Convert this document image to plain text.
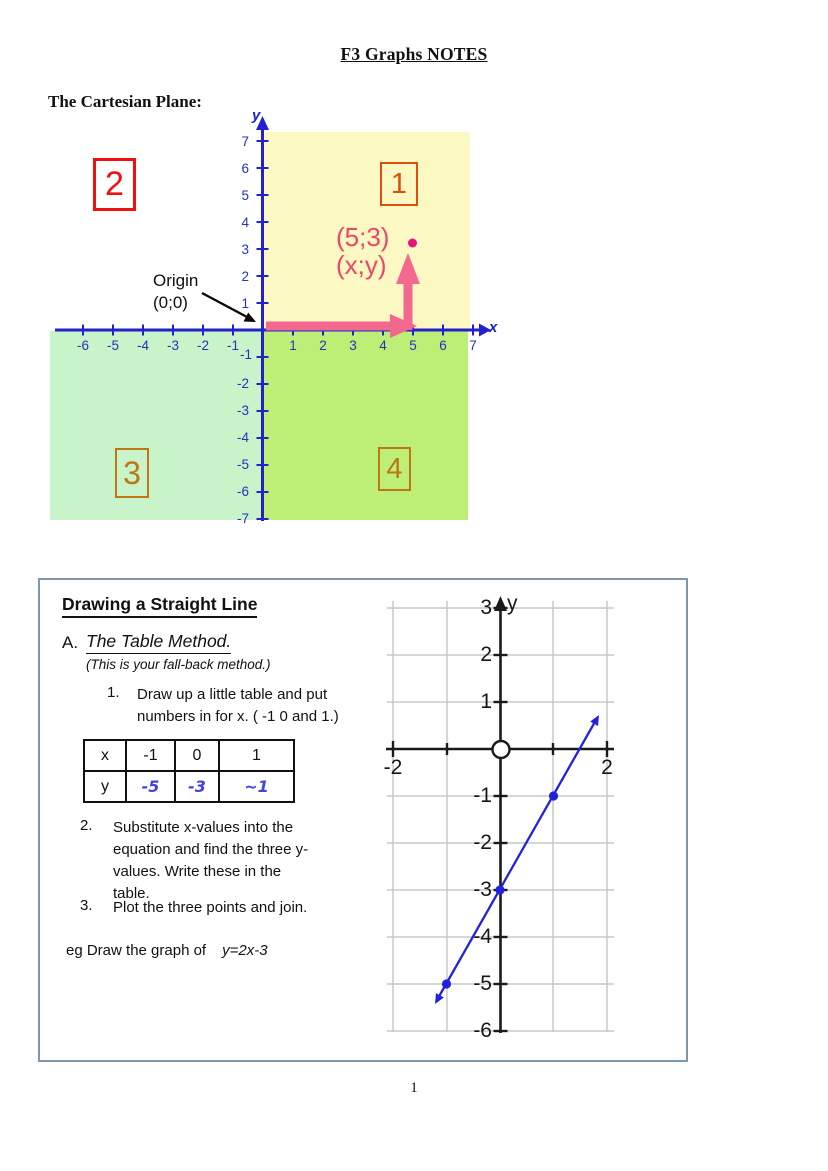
F3 Graphs NOTES
The Cartesian Plane:
y
x
-6	-5	-4	-3	-2	-1	1	2	3	4	5	6	7
7
6
5
4
3
2
1
-1
-2
-3
-4
-5
-6
-7
2	1
3	4
(5;3)
(x;y)
Origin
(0;0)
Drawing a Straight Line
A. The Table Method.
(This is your fall-back method.)
1. Draw up a little table and put
numbers in for x. ( -1 0 and 1.)
2. Substitute x-values into the
equation and find the three y-
values. Write these in the
table.
3. Plot the three points and join.
eg Draw the graph of y=2x-3
x	-1	0	1
y	-5	-3	~1
y
3
2
1
-1
-2
-3
-4
-5
-6
-2	2
1
